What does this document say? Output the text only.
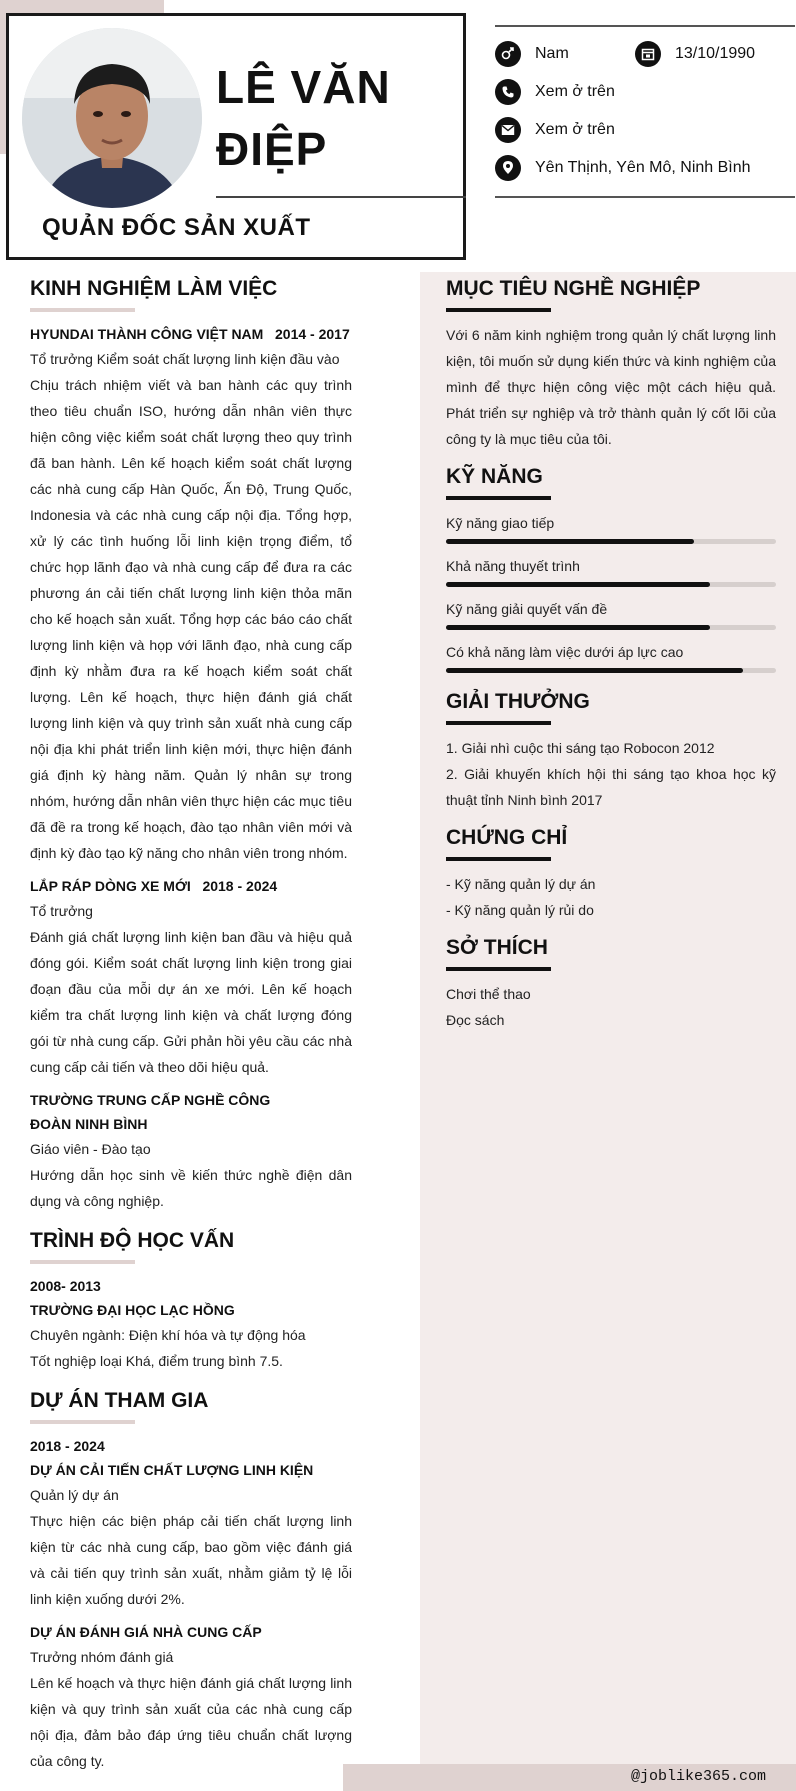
@joblike365.com
LÊ VĂN
ĐIỆP
QUẢN ĐỐC SẢN XUẤT
Nam	13/10/1990
Xem ở trên
Xem ở trên
Yên Thịnh, Yên Mô, Ninh Bình
KINH NGHIỆM LÀM VIỆC
HYUNDAI THÀNH CÔNG VIỆT NAM 2014 - 2017
Tổ trưởng Kiểm soát chất lượng linh kiện đầu vào

Chịu trách nhiệm viết và ban hành các quy trình theo tiêu chuẩn ISO, hướng dẫn nhân viên thực hiện công việc kiểm soát chất lượng theo quy trình đã ban hành. Lên kế hoạch kiểm soát chất lượng các nhà cung cấp Hàn Quốc, Ấn Độ, Trung Quốc, Indonesia và các nhà cung cấp nội địa. Tổng hợp, xử lý các tình huống lỗi linh kiện trọng điểm, tổ chức họp lãnh đạo và nhà cung cấp để đưa ra các phương án cải tiến chất lượng linh kiện thỏa mãn cho kế hoạch sản xuất. Tổng hợp các báo cáo chất lượng linh kiện và họp với lãnh đạo, nhà cung cấp định kỳ nhằm đưa ra kế hoạch kiểm soát chất lượng. Lên kế hoạch, thực hiện đánh giá chất lượng linh kiện và quy trình sản xuất nhà cung cấp nội địa khi phát triển linh kiện mới, thực hiện đánh giá định kỳ hàng năm. Quản lý nhân sự trong nhóm, hướng dẫn nhân viên thực hiện các mục tiêu đã đề ra trong kế hoạch, đào tạo nhân viên mới và định kỳ đào tạo kỹ năng cho nhân viên trong nhóm.

LẮP RÁP DÒNG XE MỚI 2018 - 2024
Tổ trưởng

Đánh giá chất lượng linh kiện ban đầu và hiệu quả đóng gói. Kiểm soát chất lượng linh kiện trong giai đoạn đầu của mỗi dự án xe mới. Lên kế hoạch kiểm tra chất lượng linh kiện và chất lượng đóng gói từ nhà cung cấp. Gửi phản hồi yêu cầu các nhà cung cấp cải tiến và theo dõi hiệu quả.

TRƯỜNG TRUNG CẤP NGHỀ CÔNG
ĐOÀN NINH BÌNH
Giáo viên - Đào tạo

Hướng dẫn học sinh về kiến thức nghề điện dân dụng và công nghiệp.

TRÌNH ĐỘ HỌC VẤN
2008- 2013
TRƯỜNG ĐẠI HỌC LẠC HỒNG
Chuyên ngành: Điện khí hóa và tự động hóa
Tốt nghiệp loại Khá, điểm trung bình 7.5.
DỰ ÁN THAM GIA
2018 - 2024
DỰ ÁN CẢI TIẾN CHẤT LƯỢNG LINH KIỆN
Quản lý dự án

Thực hiện các biện pháp cải tiến chất lượng linh kiện từ các nhà cung cấp, bao gồm việc đánh giá và cải tiến quy trình sản xuất, nhằm giảm tỷ lệ lỗi linh kiện xuống dưới 2%.

DỰ ÁN ĐÁNH GIÁ NHÀ CUNG CẤP
Trưởng nhóm đánh giá

Lên kế hoạch và thực hiện đánh giá chất lượng linh kiện và quy trình sản xuất của các nhà cung cấp nội địa, đảm bảo đáp ứng tiêu chuẩn chất lượng của công ty.

MỤC TIÊU NGHỀ NGHIỆP

Với 6 năm kinh nghiệm trong quản lý chất lượng linh kiện, tôi muốn sử dụng kiến thức và kinh nghiệm của mình để thực hiện công việc một cách hiệu quả. Phát triển sự nghiệp và trở thành quản lý cốt lõi của công ty là mục tiêu của tôi.

KỸ NĂNG
Kỹ năng giao tiếp
Khả năng thuyết trình
Kỹ năng giải quyết vấn đề
Có khả năng làm việc dưới áp lực cao
GIẢI THƯỞNG

1. Giải nhì cuộc thi sáng tạo Robocon 2012

2. Giải khuyến khích hội thi sáng tạo khoa học kỹ thuật tỉnh Ninh bình 2017

CHỨNG CHỈ
- Kỹ năng quản lý dự án
- Kỹ năng quản lý rủi do
SỞ THÍCH
Chơi thể thao
Đọc sách
